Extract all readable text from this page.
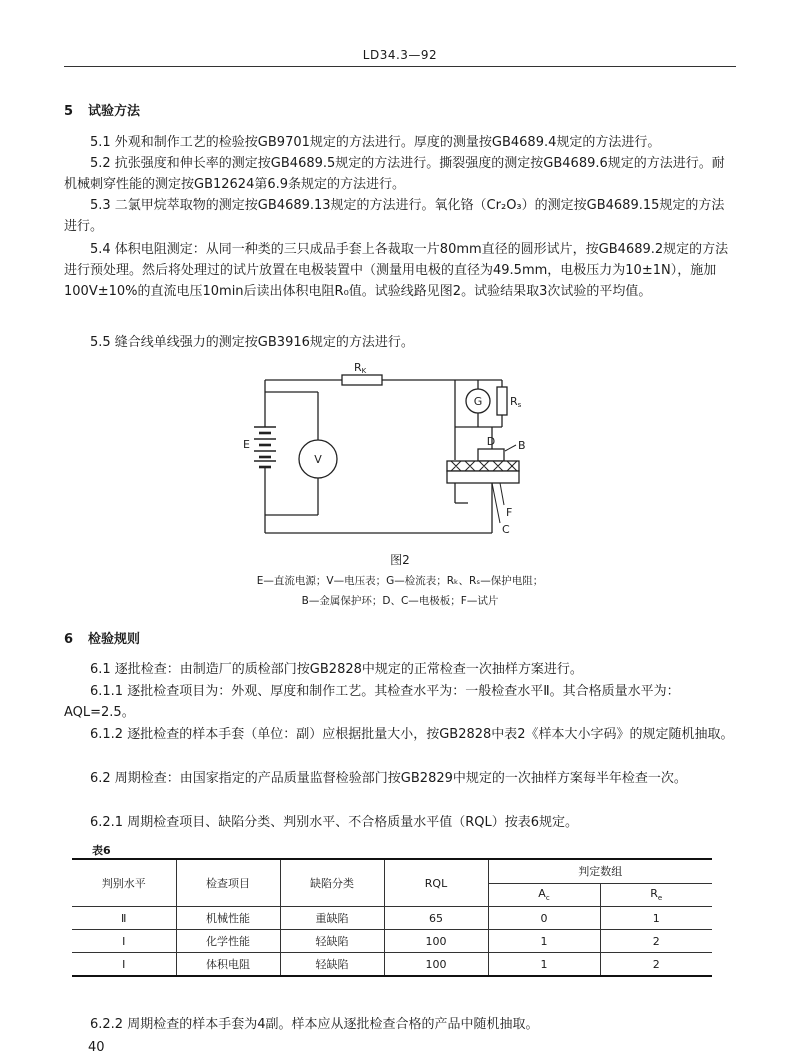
LD34.3—92
5 试验方法
5.1 外观和制作工艺的检验按GB9701规定的方法进行。厚度的测量按GB4689.4规定的方法进行。
5.2 抗张强度和伸长率的测定按GB4689.5规定的方法进行。撕裂强度的测定按GB4689.6规定的方法进行。耐机械刺穿性能的测定按GB12624第6.9条规定的方法进行。
5.3 二氯甲烷萃取物的测定按GB4689.13规定的方法进行。氧化铬（Cr₂O₃）的测定按GB4689.15规定的方法进行。
5.4 体积电阻测定：从同一种类的三只成品手套上各裁取一片80mm直径的圆形试片，按GB4689.2规定的方法进行预处理。然后将处理过的试片放置在电极装置中（测量用电极的直径为49.5mm，电极压力为10±1N），施加100V±10%的直流电压10min后读出体积电阻R₀值。试验线路见图2。试验结果取3次试验的平均值。
5.5 缝合线单线强力的测定按GB3916规定的方法进行。
RK
Rs
G
V
E	D B
F
C
图2
E—直流电源；V—电压表；G—检流表；Rₖ、Rₛ—保护电阻；
B—金属保护环；D、C—电极板；F—试片
6 检验规则
6.1 逐批检查：由制造厂的质检部门按GB2828中规定的正常检查一次抽样方案进行。
6.1.1 逐批检查项目为：外观、厚度和制作工艺。其检查水平为：一般检查水平Ⅱ。其合格质量水平为：AQL=2.5。
6.1.2 逐批检查的样本手套（单位：副）应根据批量大小，按GB2828中表2《样本大小字码》的规定随机抽取。
6.2 周期检查：由国家指定的产品质量监督检验部门按GB2829中规定的一次抽样方案每半年检查一次。
6.2.1 周期检查项目、缺陷分类、判别水平、不合格质量水平值（RQL）按表6规定。
表6
判别水平	检查项目	缺陷分类	RQL	判定数组	
				$A_c$	$R_e$
Ⅱ	机械性能	重缺陷	65	0	1
Ⅰ	化学性能	轻缺陷	100	1	2
Ⅰ	体积电阻	轻缺陷	100	1	2
6.2.2 周期检查的样本手套为4副。样本应从逐批检查合格的产品中随机抽取。
40
